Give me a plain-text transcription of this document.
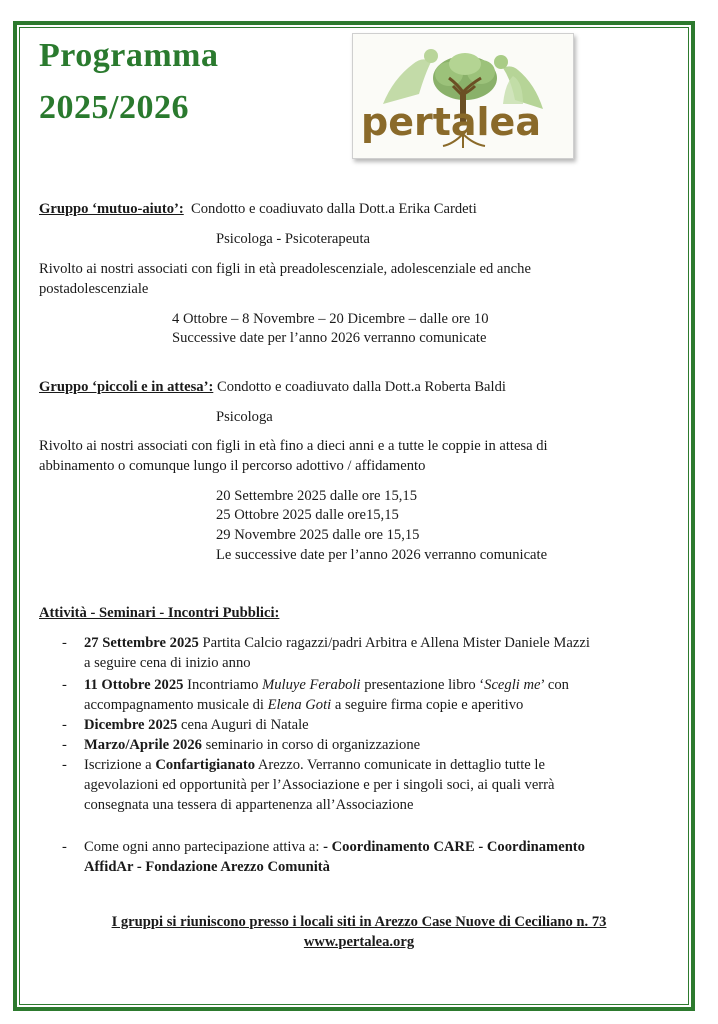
Programma
2025/2026	pertalea
Gruppo ‘mutuo-aiuto’: Condotto e coadiuvato dalla Dott.a Erika Cardeti
Psicologa - Psicoterapeuta
Rivolto ai nostri associati con figli in età preadolescenziale, adolescenziale ed anche
postadolescenziale
4 Ottobre – 8 Novembre – 20 Dicembre – dalle ore 10
Successive date per l’anno 2026 verranno comunicate
Gruppo ‘piccoli e in attesa’: Condotto e coadiuvato dalla Dott.a Roberta Baldi
Psicologa
Rivolto ai nostri associati con figli in età fino a dieci anni e a tutte le coppie in attesa di
abbinamento o comunque lungo il percorso adottivo / affidamento
20 Settembre 2025 dalle ore 15,15
25 Ottobre 2025 dalle ore15,15
29 Novembre 2025 dalle ore 15,15
Le successive date per l’anno 2026 verranno comunicate
Attività - Seminari - Incontri Pubblici:
- 27 Settembre 2025 Partita Calcio ragazzi/padri Arbitra e Allena Mister Daniele Mazzi
a seguire cena di inizio anno
- 11 Ottobre 2025 Incontriamo Muluye Feraboli presentazione libro ‘Scegli me’ con
accompagnamento musicale di Elena Goti a seguire firma copie e aperitivo
- Dicembre 2025 cena Auguri di Natale
- Marzo/Aprile 2026 seminario in corso di organizzazione
- Iscrizione a Confartigianato Arezzo. Verranno comunicate in dettaglio tutte le
agevolazioni ed opportunità per l’Associazione e per i singoli soci, ai quali verrà
consegnata una tessera di appartenenza all’Associazione
- Come ogni anno partecipazione attiva a: - Coordinamento CARE - Coordinamento
AffidAr - Fondazione Arezzo Comunità
I gruppi si riuniscono presso i locali siti in Arezzo Case Nuove di Ceciliano n. 73
www.pertalea.org
